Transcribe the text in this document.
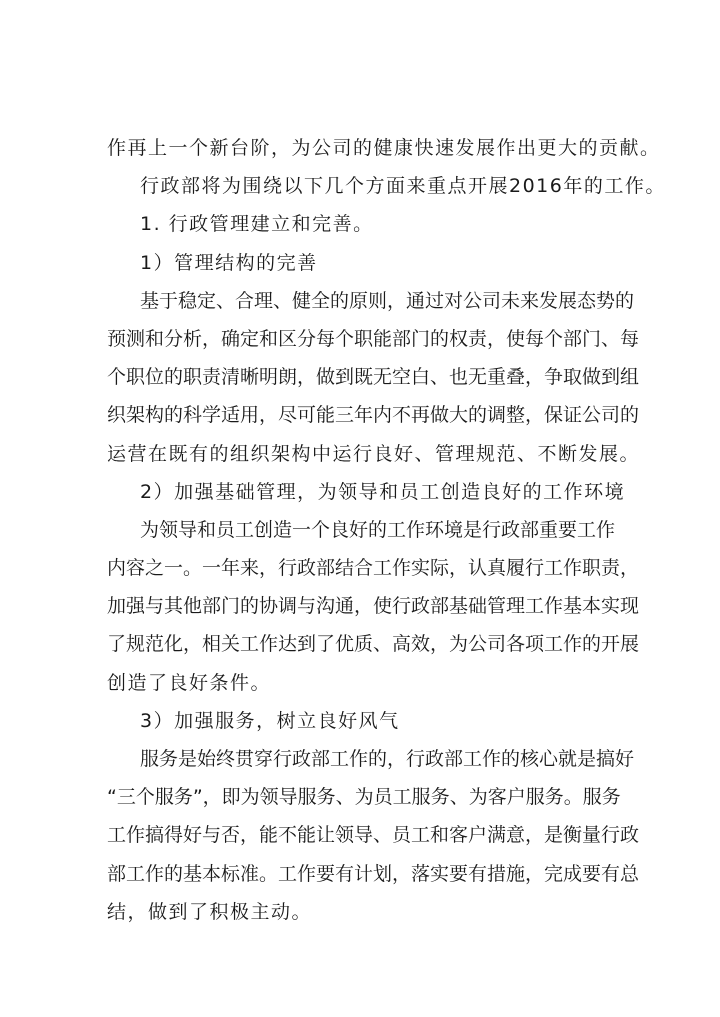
作再上一个新台阶，为公司的健康快速发展作出更大的贡献。
行政部将为围绕以下几个方面来重点开展2016年的工作。
1. 行政管理建立和完善。
1）管理结构的完善
基于稳定、合理、健全的原则，通过对公司未来发展态势的
预测和分析，确定和区分每个职能部门的权责，使每个部门、每
个职位的职责清晰明朗，做到既无空白、也无重叠，争取做到组
织架构的科学适用，尽可能三年内不再做大的调整，保证公司的
运营在既有的组织架构中运行良好、管理规范、不断发展。
2）加强基础管理，为领导和员工创造良好的工作环境
为领导和员工创造一个良好的工作环境是行政部重要工作
内容之一。一年来，行政部结合工作实际，认真履行工作职责，
加强与其他部门的协调与沟通，使行政部基础管理工作基本实现
了规范化，相关工作达到了优质、高效，为公司各项工作的开展
创造了良好条件。
3）加强服务，树立良好风气
服务是始终贯穿行政部工作的，行政部工作的核心就是搞好
“三个服务”，即为领导服务、为员工服务、为客户服务。服务
工作搞得好与否，能不能让领导、员工和客户满意，是衡量行政
部工作的基本标准。工作要有计划，落实要有措施，完成要有总
结，做到了积极主动。
